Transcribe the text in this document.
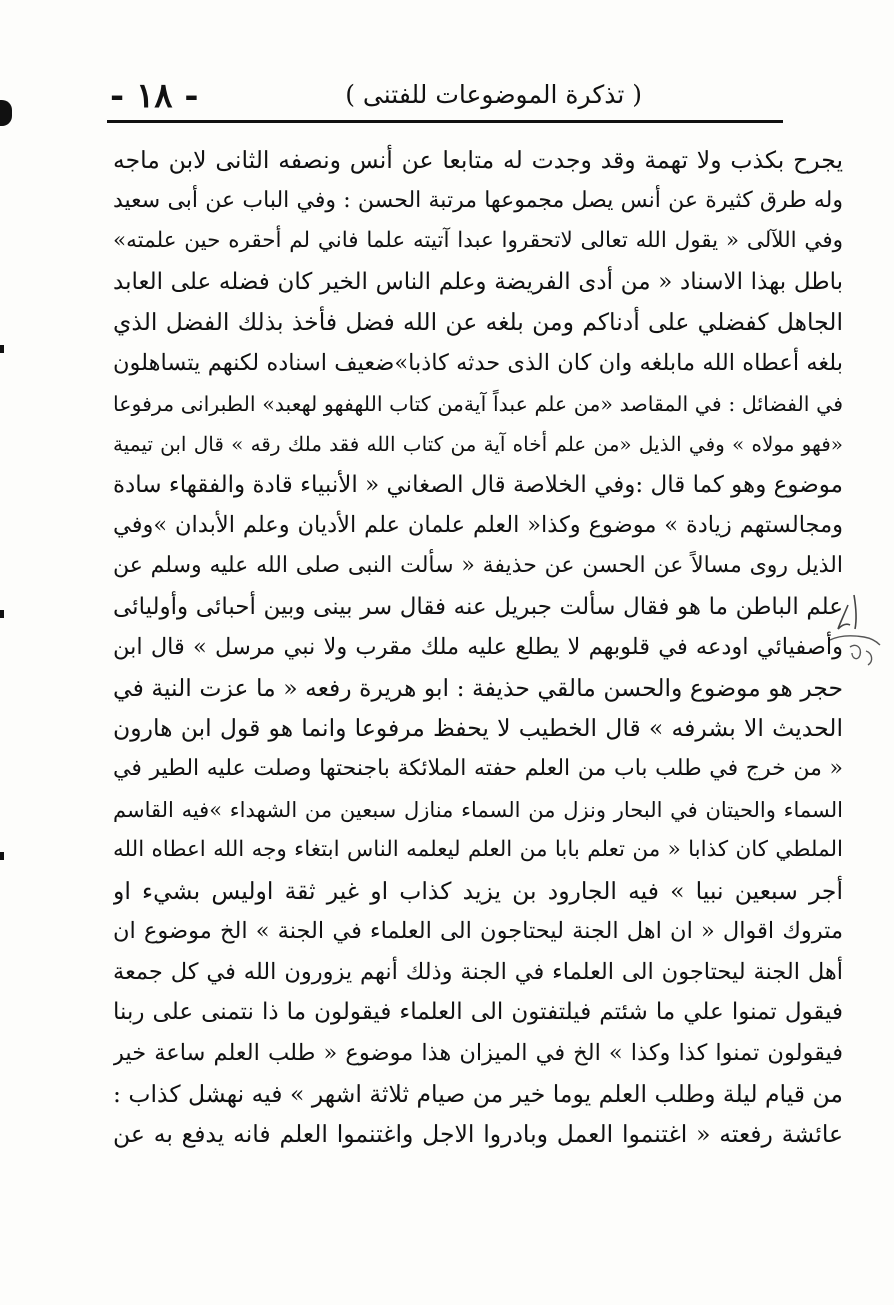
( تذكرة الموضوعات للفتنى )
- ١٨ -
يجرح بكذب ولا تهمة وقد وجدت له متابعا عن أنس ونصفه الثانى لابن ماجه
وله طرق كثيرة عن أنس يصل مجموعها مرتبة الحسن : وفي الباب عن أبى سعيد
وفي اللآلى « يقول الله تعالى لاتحقروا عبدا آتيته علما فاني لم أحقره حين علمته»
باطل بهذا الاسناد « من أدى الفريضة وعلم الناس الخير كان فضله على العابد
الجاهل كفضلي على أدناكم ومن بلغه عن الله فضل فأخذ بذلك الفضل الذي
بلغه أعطاه الله مابلغه وان كان الذى حدثه كاذبا»ضعيف اسناده لكنهم يتساهلون
في الفضائل : في المقاصد «من علم عبداً آيةمن كتاب اللهفهو لهعبد» الطبرانى مرفوعا
«فهو مولاه » وفي الذيل «من علم أخاه آية من كتاب الله فقد ملك رقه » قال ابن تيمية
موضوع وهو كما قال :وفي الخلاصة قال الصغاني « الأنبياء قادة والفقهاء سادة
ومجالستهم زيادة » موضوع وكذا« العلم علمان علم الأديان وعلم الأبدان »وفي
الذيل روى مسالاً عن الحسن عن حذيفة « سألت النبى صلى الله عليه وسلم عن
علم الباطن ما هو فقال سألت جبريل عنه فقال سر بينى وبين أحبائى وأوليائى
وأصفيائي اودعه في قلوبهم لا يطلع عليه ملك مقرب ولا نبي مرسل » قال ابن
حجر هو موضوع والحسن مالقي حذيفة : ابو هريرة رفعه « ما عزت النية في
الحديث الا بشرفه » قال الخطيب لا يحفظ مرفوعا وانما هو قول ابن هارون
« من خرج في طلب باب من العلم حفته الملائكة باجنحتها وصلت عليه الطير في
السماء والحيتان في البحار ونزل من السماء منازل سبعين من الشهداء »فيه القاسم
الملطي كان كذابا « من تعلم بابا من العلم ليعلمه الناس ابتغاء وجه الله اعطاه الله
أجر سبعين نبيا » فيه الجارود بن يزيد كذاب او غير ثقة اوليس بشيء او
متروك اقوال « ان اهل الجنة ليحتاجون الى العلماء في الجنة » الخ موضوع ان
أهل الجنة ليحتاجون الى العلماء في الجنة وذلك أنهم يزورون الله في كل جمعة
فيقول تمنوا علي ما شئتم فيلتفتون الى العلماء فيقولون ما ذا نتمنى على ربنا
فيقولون تمنوا كذا وكذا » الخ في الميزان هذا موضوع « طلب العلم ساعة خير
من قيام ليلة وطلب العلم يوما خير من صيام ثلاثة اشهر » فيه نهشل كذاب :
عائشة رفعته « اغتنموا العمل وبادروا الاجل واغتنموا العلم فانه يدفع به عن
